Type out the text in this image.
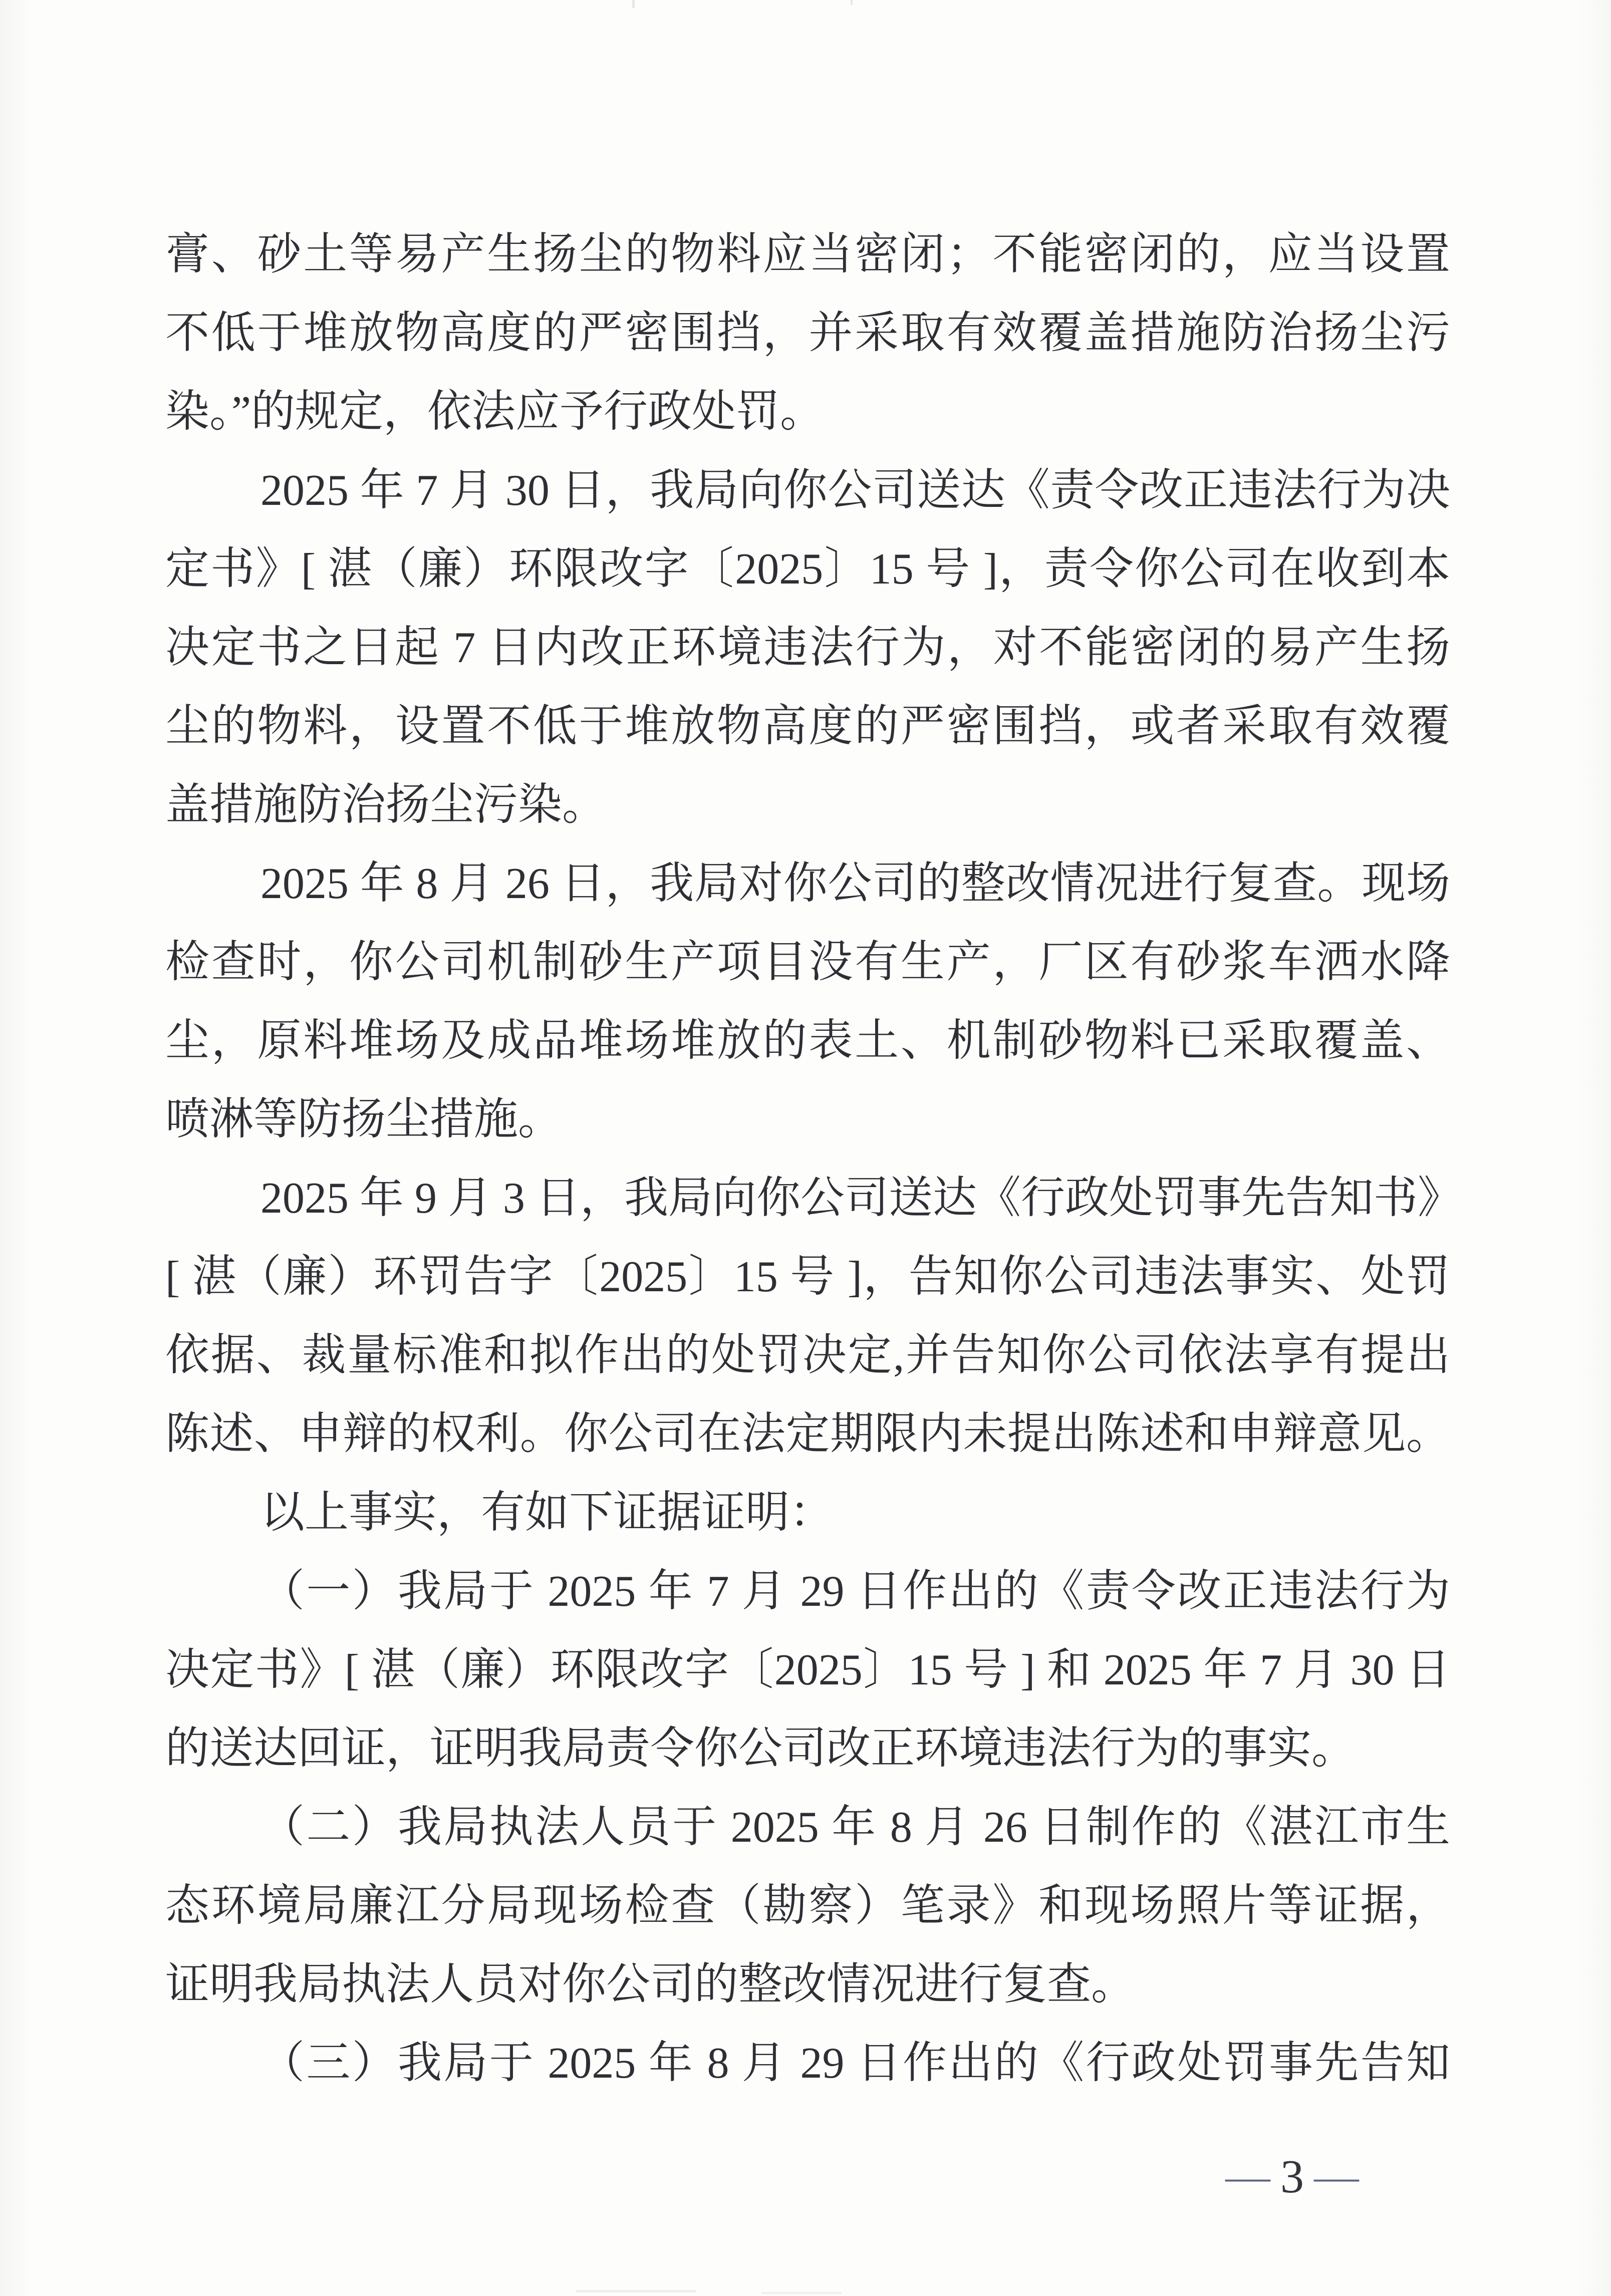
膏、砂土等易产生扬尘的物料应当密闭；不能密闭的，应当设置
不低于堆放物高度的严密围挡，并采取有效覆盖措施防治扬尘污
染。”的规定，依法应予行政处罚。
2025 年 7 月 30 日，我局向你公司送达《责令改正违法行为决
定书》[ 湛（廉）环限改字〔2025〕15 号 ]，责令你公司在收到本
决定书之日起 7 日内改正环境违法行为，对不能密闭的易产生扬
尘的物料，设置不低于堆放物高度的严密围挡，或者采取有效覆
盖措施防治扬尘污染。
2025 年 8 月 26 日，我局对你公司的整改情况进行复查。现场
检查时，你公司机制砂生产项目没有生产，厂区有砂浆车洒水降
尘，原料堆场及成品堆场堆放的表土、机制砂物料已采取覆盖、
喷淋等防扬尘措施。
2025 年 9 月 3 日，我局向你公司送达《行政处罚事先告知书》
[ 湛（廉）环罚告字〔2025〕15 号 ]，告知你公司违法事实、处罚
依据、裁量标准和拟作出的处罚决定,并告知你公司依法享有提出
陈述、申辩的权利。你公司在法定期限内未提出陈述和申辩意见。
以上事实，有如下证据证明：
（一）我局于 2025 年 7 月 29 日作出的《责令改正违法行为
决定书》[ 湛（廉）环限改字〔2025〕15 号 ] 和 2025 年 7 月 30 日
的送达回证，证明我局责令你公司改正环境违法行为的事实。
（二）我局执法人员于 2025 年 8 月 26 日制作的《湛江市生
态环境局廉江分局现场检查（勘察）笔录》和现场照片等证据，
证明我局执法人员对你公司的整改情况进行复查。
（三）我局于 2025 年 8 月 29 日作出的《行政处罚事先告知
— 3 —
